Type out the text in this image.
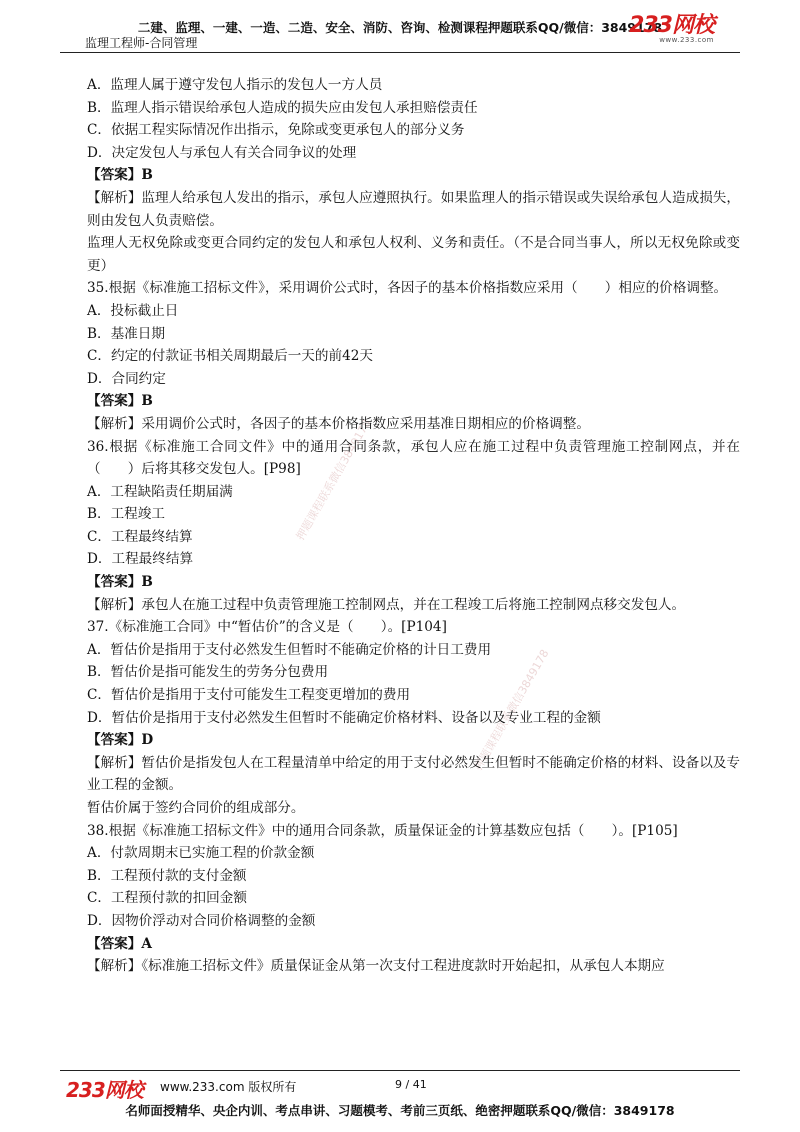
二建、监理、一建、一造、二造、安全、消防、咨询、检测课程押题联系QQ/微信：3849178
监理工程师-合同管理
233网校
www.233.com
押题课程联系微信3849178
押题课程联系微信3849178
A．监理人属于遵守发包人指示的发包人一方人员
B．监理人指示错误给承包人造成的损失应由发包人承担赔偿责任
C．依据工程实际情况作出指示，免除或变更承包人的部分义务
D．决定发包人与承包人有关合同争议的处理
【答案】B
【解析】监理人给承包人发出的指示，承包人应遵照执行。如果监理人的指示错误或失误给承包人造成损失，则由发包人负责赔偿。
监理人无权免除或变更合同约定的发包人和承包人权利、义务和责任。（不是合同当事人，所以无权免除或变更）
35.根据《标准施工招标文件》，采用调价公式时，各因子的基本价格指数应采用（　　）相应的价格调整。
A．投标截止日
B．基准日期
C．约定的付款证书相关周期最后一天的前42天
D．合同约定
【答案】B
【解析】采用调价公式时，各因子的基本价格指数应采用基准日期相应的价格调整。
36.根据《标准施工合同文件》中的通用合同条款，承包人应在施工过程中负责管理施工控制网点，并在（　　）后将其移交发包人。[P98]
A．工程缺陷责任期届满
B．工程竣工
C．工程最终结算
D．工程最终结算
【答案】B
【解析】承包人在施工过程中负责管理施工控制网点，并在工程竣工后将施工控制网点移交发包人。
37.《标准施工合同》中“暂估价”的含义是（　　）。[P104]
A．暂估价是指用于支付必然发生但暂时不能确定价格的计日工费用
B．暂估价是指可能发生的劳务分包费用
C．暂估价是指用于支付可能发生工程变更增加的费用
D．暂估价是指用于支付必然发生但暂时不能确定价格材料、设备以及专业工程的金额
【答案】D
【解析】暂估价是指发包人在工程量清单中给定的用于支付必然发生但暂时不能确定价格的材料、设备以及专业工程的金额。
暂估价属于签约合同价的组成部分。
38.根据《标准施工招标文件》中的通用合同条款，质量保证金的计算基数应包括（　　）。[P105]
A．付款周期末已实施工程的价款金额
B．工程预付款的支付金额
C．工程预付款的扣回金额
D．因物价浮动对合同价格调整的金额
【答案】A
【解析】《标准施工招标文件》质量保证金从第一次支付工程进度款时开始起扣，从承包人本期应
233网校 www.233.com 版权所有	9 / 41
名师面授精华、央企内训、考点串讲、习题模考、考前三页纸、绝密押题联系QQ/微信：3849178
